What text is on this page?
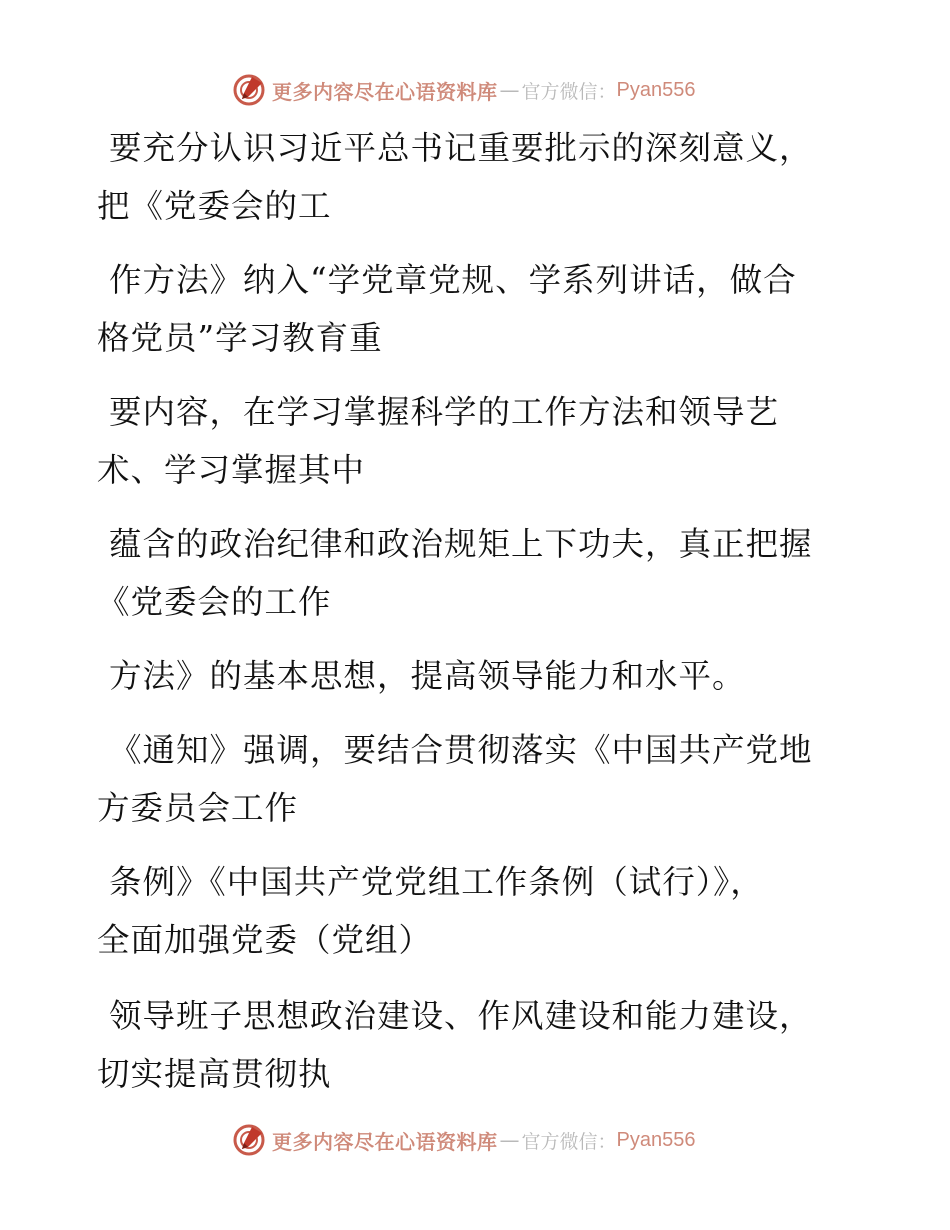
更多内容尽在心语资料库 — 官方微信： Pyan556
要充分认识习近平总书记重要批示的深刻意义，
把《党委会的工
作方法》纳入“学党章党规、学系列讲话，做合
格党员”学习教育重
要内容，在学习掌握科学的工作方法和领导艺
术、学习掌握其中
蕴含的政治纪律和政治规矩上下功夫，真正把握
《党委会的工作
方法》的基本思想，提高领导能力和水平。
《通知》强调，要结合贯彻落实《中国共产党地
方委员会工作
条例》《中国共产党党组工作条例（试行）》，
全面加强党委（党组）
领导班子思想政治建设、作风建设和能力建设，
切实提高贯彻执
更多内容尽在心语资料库 — 官方微信： Pyan556
